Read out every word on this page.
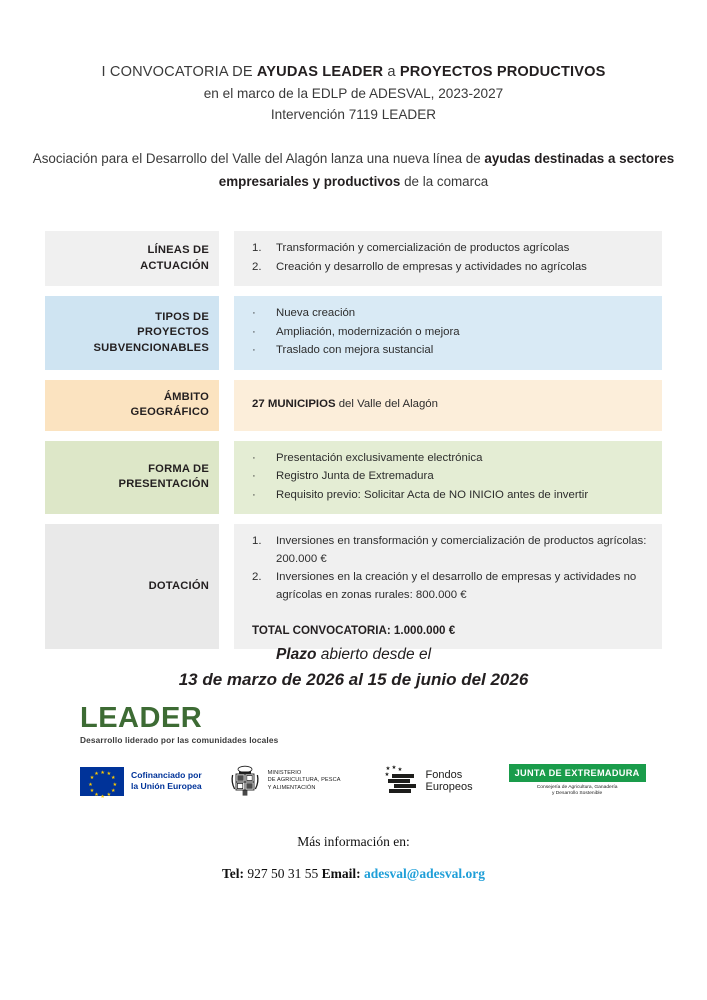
I CONVOCATORIA DE AYUDAS LEADER a PROYECTOS PRODUCTIVOS
en el marco de la EDLP de ADESVAL, 2023-2027
Intervención 7119 LEADER
Asociación para el Desarrollo del Valle del Alagón lanza una nueva línea de ayudas destinadas a sectores empresariales y productivos de la comarca
LÍNEAS DE
ACTUACIÓN
1.	Transformación y comercialización de productos agrícolas
2.	Creación y desarrollo de empresas y actividades no agrícolas
TIPOS DE
PROYECTOS
SUBVENCIONABLES
·	Nueva creación
·	Ampliación, modernización o mejora
·	Traslado con mejora sustancial
ÁMBITO
GEOGRÁFICO
27 MUNICIPIOS del Valle del Alagón
FORMA DE
PRESENTACIÓN
·	Presentación exclusivamente electrónica
·	Registro Junta de Extremadura
·	Requisito previo: Solicitar Acta de NO INICIO antes de invertir
DOTACIÓN
1.	Inversiones en transformación y comercialización de productos agrícolas: 200.000 €
2.	Inversiones en la creación y el desarrollo de empresas y actividades no agrícolas en zonas rurales: 800.000 €
TOTAL CONVOCATORIA: 1.000.000 €
Plazo abierto desde el
13 de marzo de 2026 al 15 de junio del 2026
LEADER
Desarrollo liderado por las comunidades locales
★ ★
★
★
★
★
★
★
★
★
★
★	Cofinanciado por
la Unión Europea
MINISTERIO
DE AGRICULTURA, PESCA
Y ALIMENTACIÓN
★ ★ ★
★	Fondos
Europeos
JUNTA DE EXTREMADURA
Consejería de Agricultura, Ganadería
y Desarrollo Sostenible
Más información en:
Tel: 927 50 31 55 Email: adesval@adesval.org
